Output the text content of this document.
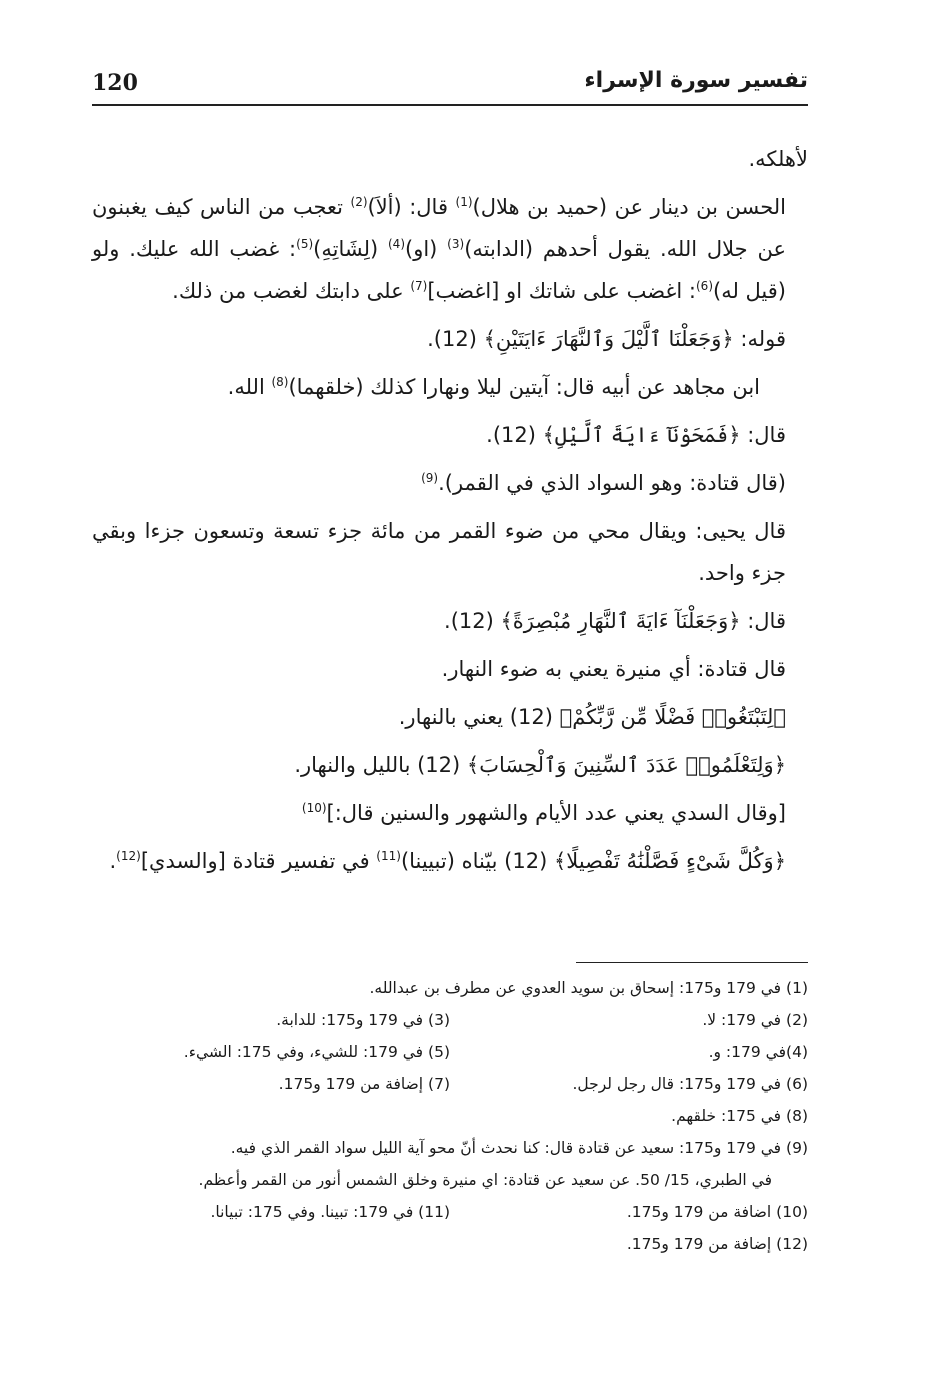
120	تفسير سورة الإسراء

لأهلكه.

الحسن بن دينار عن (حميد بن هلال)$^{(1)}$ قال: (ألاَ)$^{(2)}$ تعجب من الناس كيف يغبنون عن جلال الله. يقول أحدهم (الدابته)$^{(3)}$ (او)$^{(4)}$ (لِشَاتِهِ)$^{(5)}$: غضب الله عليك. ولو (قيل له)$^{(6)}$: اغضب على شاتك او [اغضب]$^{(7)}$ على دابتك لغضب من ذلك.

قوله: ﴿وَجَعَلْنَا ٱلَّيْلَ وَٱلنَّهَارَ ءَايَتَيْنِ﴾ (12).

ابن مجاهد عن أبيه قال: آيتين ليلا ونهارا كذلك (خلقهما)$^{(8)}$ الله.

قال: ﴿فَمَحَوْنَآ ءَايَةَ ٱلَّيْلِ﴾ (12).

(قال قتادة: وهو السواد الذي في القمر).$^{(9)}$

قال يحيى: ويقال محي من ضوء القمر من مائة جزء تسعة وتسعون جزءا وبقي جزء واحد.

قال: ﴿وَجَعَلْنَآ ءَايَةَ ٱلنَّهَارِ مُبْصِرَةً﴾ (12).

قال قتادة: أي منيرة يعني به ضوء النهار.

﴿لِتَبْتَغُوا۟ فَضْلًا مِّن رَّبِّكُمْ﴾ (12) يعني بالنهار.

﴿وَلِتَعْلَمُوا۟ عَدَدَ ٱلسِّنِينَ وَٱلْحِسَابَ﴾ (12) بالليل والنهار.

[وقال السدي يعني عدد الأيام والشهور والسنين قال:]$^{(10)}$

﴿وَكُلَّ شَىْءٍ فَصَّلْنَٰهُ تَفْصِيلًا﴾ (12) بيّناه (تبيينا)$^{(11)}$ في تفسير قتادة [والسدي]$^{(12)}$.

(1) في 179 و175: إسحاق بن سويد العدوي عن مطرف بن عبدالله.
(2) في 179: لا.
(3) في 179 و175: للدابة.
(4)في 179: و.
(5) في 179: للشيء، وفي 175: الشيء.
(6) في 179 و175: قال رجل لرجل.
(7) إضافة من 179 و175.
(8) في 175: خلقهم.
(9) في 179 و175: سعيد عن قتادة قال: كنا نحدث أنّ محو آية الليل سواد القمر الذي فيه.
في الطبري، 15/ 50. عن سعيد عن قتادة: اي منيرة وخلق الشمس أنور من القمر وأعظم.
(10) اضافة من 179 و175.
(11) في 179: تبينا. وفي 175: تبيانا.
(12) إضافة من 179 و175.
